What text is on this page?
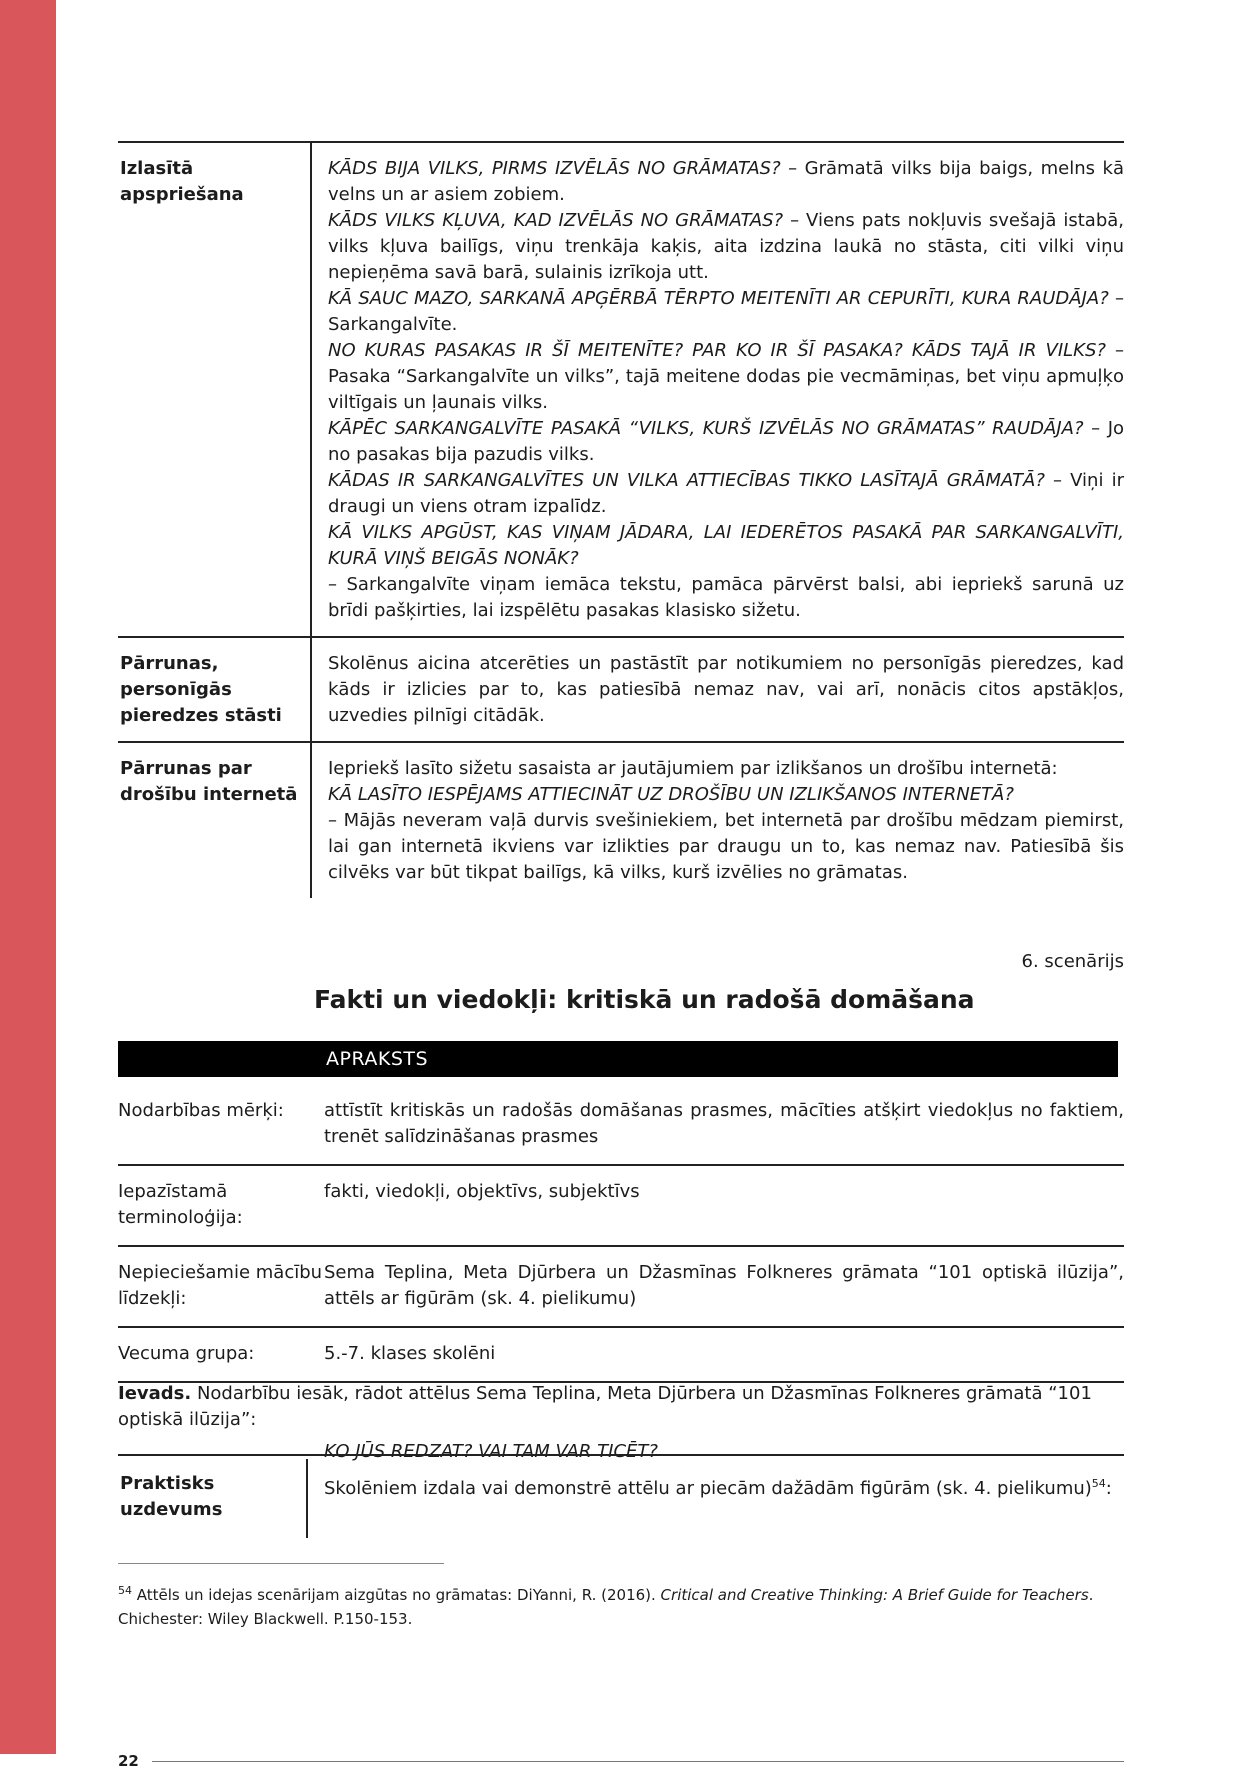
Izlasītā apspriešana

KĀDS BIJA VILKS, PIRMS IZVĒLĀS NO GRĀMATAS? – Grāmatā vilks bija baigs, melns kā velns un ar asiem zobiem.

KĀDS VILKS KĻUVA, KAD IZVĒLĀS NO GRĀMATAS? – Viens pats nokļuvis svešajā istabā, vilks kļuva bailīgs, viņu trenkāja kaķis, aita izdzina laukā no stāsta, citi vilki viņu nepieņēma savā barā, sulainis izrīkoja utt.

KĀ SAUC MAZO, SARKANĀ APĢĒRBĀ TĒRPTO MEITENĪTI AR CEPURĪTI, KURA RAUDĀJA? – Sarkangalvīte.

NO KURAS PASAKAS IR ŠĪ MEITENĪTE? PAR KO IR ŠĪ PASAKA? KĀDS TAJĀ IR VILKS? – Pasaka “Sarkangalvīte un vilks”, tajā meitene dodas pie vecmāmiņas, bet viņu apmuļķo viltīgais un ļaunais vilks.

KĀPĒC SARKANGALVĪTE PASAKĀ “VILKS, KURŠ IZVĒLĀS NO GRĀMATAS” RAUDĀJA? – Jo no pasakas bija pazudis vilks.

KĀDAS IR SARKANGALVĪTES UN VILKA ATTIECĪBAS TIKKO LASĪTAJĀ GRĀMATĀ? – Viņi ir draugi un viens otram izpalīdz.

KĀ VILKS APGŪST, KAS VIŅAM JĀDARA, LAI IEDERĒTOS PASAKĀ PAR SARKANGALVĪTI, KURĀ VIŅŠ BEIGĀS NONĀK?

– Sarkangalvīte viņam iemāca tekstu, pamāca pārvērst balsi, abi iepriekš sarunā uz brīdi pašķirties, lai izspēlētu pasakas klasisko sižetu.

Pārrunas, personīgās pieredzes stāsti

Skolēnus aicina atcerēties un pastāstīt par notikumiem no personīgās pieredzes, kad kāds ir izlicies par to, kas patiesībā nemaz nav, vai arī, nonācis citos apstākļos, uzvedies pilnīgi citādāk.

Pārrunas par drošību internetā

Iepriekš lasīto sižetu sasaista ar jautājumiem par izlikšanos un drošību internetā:

KĀ LASĪTO IESPĒJAMS ATTIECINĀT UZ DROŠĪBU UN IZLIKŠANOS INTERNETĀ?

– Mājās neveram vaļā durvis svešiniekiem, bet internetā par drošību mēdzam piemirst, lai gan internetā ikviens var izlikties par draugu un to, kas nemaz nav. Patiesībā šis cilvēks var būt tikpat bailīgs, kā vilks, kurš izvēlies no grāmatas.

6. scenārijs
Fakti un viedokļi: kritiskā un radošā domāšana
APRAKSTS
Nodarbības mērķi:	attīstīt kritiskās un radošās domāšanas prasmes, mācīties atšķirt viedokļus no faktiem, trenēt salīdzināšanas prasmes
Iepazīstamā terminoloģija:
fakti, viedokļi, objektīvs, subjektīvs
Nepieciešamie mācību līdzekļi:
Sema Teplina, Meta Djūrbera un Džasmīnas Folkneres grāmata “101 optiskā ilūzija”, attēls ar figūrām (sk. 4. pielikumu)
Vecuma grupa:	5.-7. klases skolēni
Ievads. Nodarbību iesāk, rādot attēlus Sema Teplina, Meta Djūrbera un Džasmīnas Folkneres grāmatā “101 optiskā ilūzija”:
KO JŪS REDZAT? VAI TAM VAR TICĒT?
Praktisks uzdevums
Skolēniem izdala vai demonstrē attēlu ar piecām dažādām figūrām (sk. 4. pielikumu)$^{54}$:
$^{54}$ Attēls un idejas scenārijam aizgūtas no grāmatas: DiYanni, R. (2016). Critical and Creative Thinking: A Brief Guide for Teachers. Chichester: Wiley Blackwell. P.150-153.
22
